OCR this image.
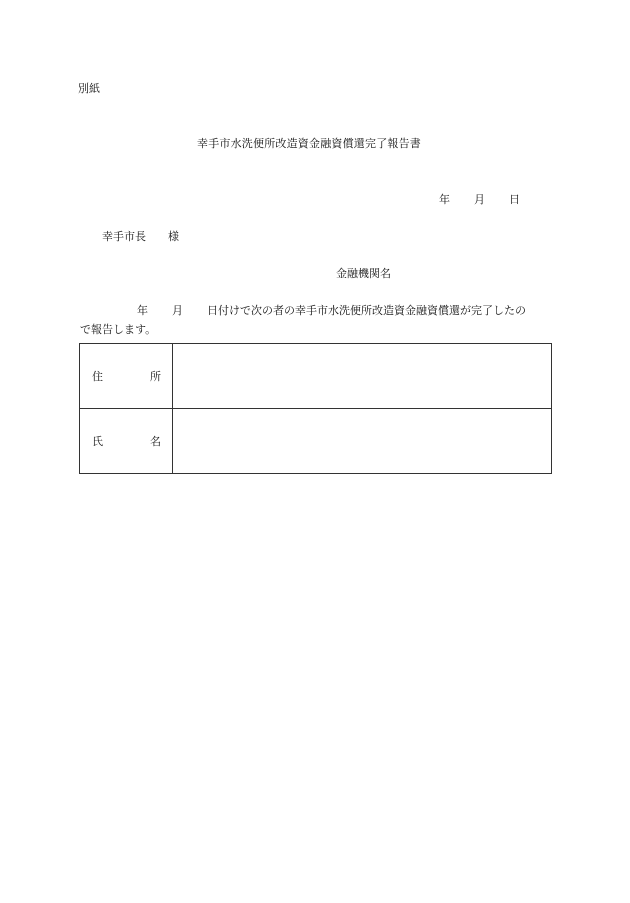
別紙
幸手市水洗便所改造資金融資償還完了報告書
年 月 日
幸手市長 様
金融機関名
年 月 日付けで次の者の幸手市水洗便所改造資金融資償還が完了したの
で報告します。
住 所	

氏 名	
